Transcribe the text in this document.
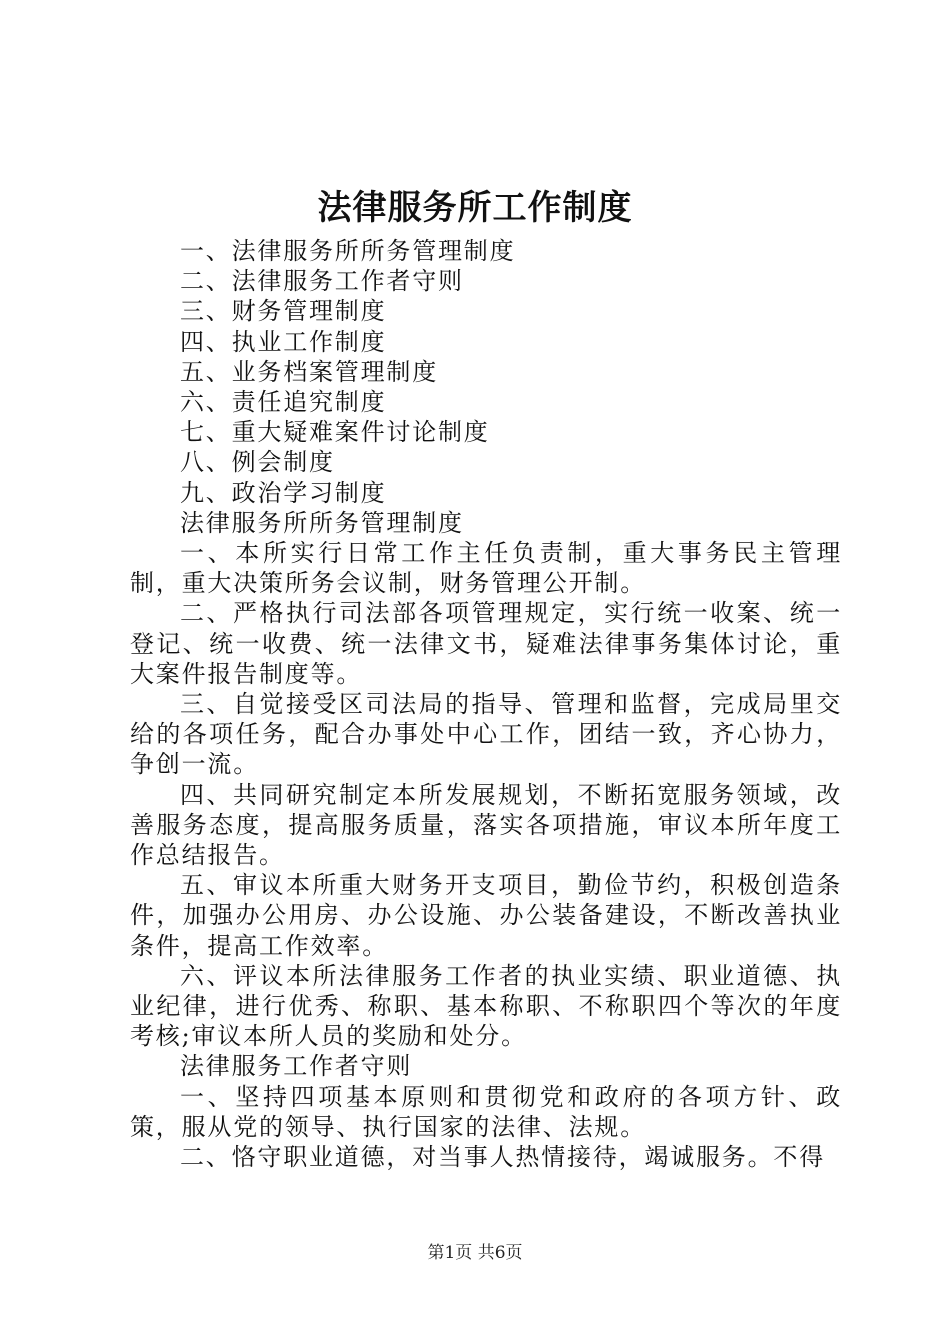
法律服务所工作制度

一、法律服务所所务管理制度

二、法律服务工作者守则

三、财务管理制度

四、执业工作制度

五、业务档案管理制度

六、责任追究制度

七、重大疑难案件讨论制度

八、例会制度

九、政治学习制度

法律服务所所务管理制度

一、本所实行日常工作主任负责制，重大事务民主管理制，重大决策所务会议制，财务管理公开制。

二、严格执行司法部各项管理规定，实行统一收案、统一登记、统一收费、统一法律文书，疑难法律事务集体讨论，重大案件报告制度等。

三、自觉接受区司法局的指导、管理和监督，完成局里交给的各项任务，配合办事处中心工作，团结一致，齐心协力，争创一流。

四、共同研究制定本所发展规划，不断拓宽服务领域，改善服务态度，提高服务质量，落实各项措施，审议本所年度工作总结报告。

五、审议本所重大财务开支项目，勤俭节约，积极创造条件，加强办公用房、办公设施、办公装备建设，不断改善执业条件，提高工作效率。

六、评议本所法律服务工作者的执业实绩、职业道德、执业纪律，进行优秀、称职、基本称职、不称职四个等次的年度考核;审议本所人员的奖励和处分。

法律服务工作者守则

一、坚持四项基本原则和贯彻党和政府的各项方针、政策，服从党的领导、执行国家的法律、法规。

二、恪守职业道德，对当事人热情接待，竭诚服务。不得

第1页 共6页
